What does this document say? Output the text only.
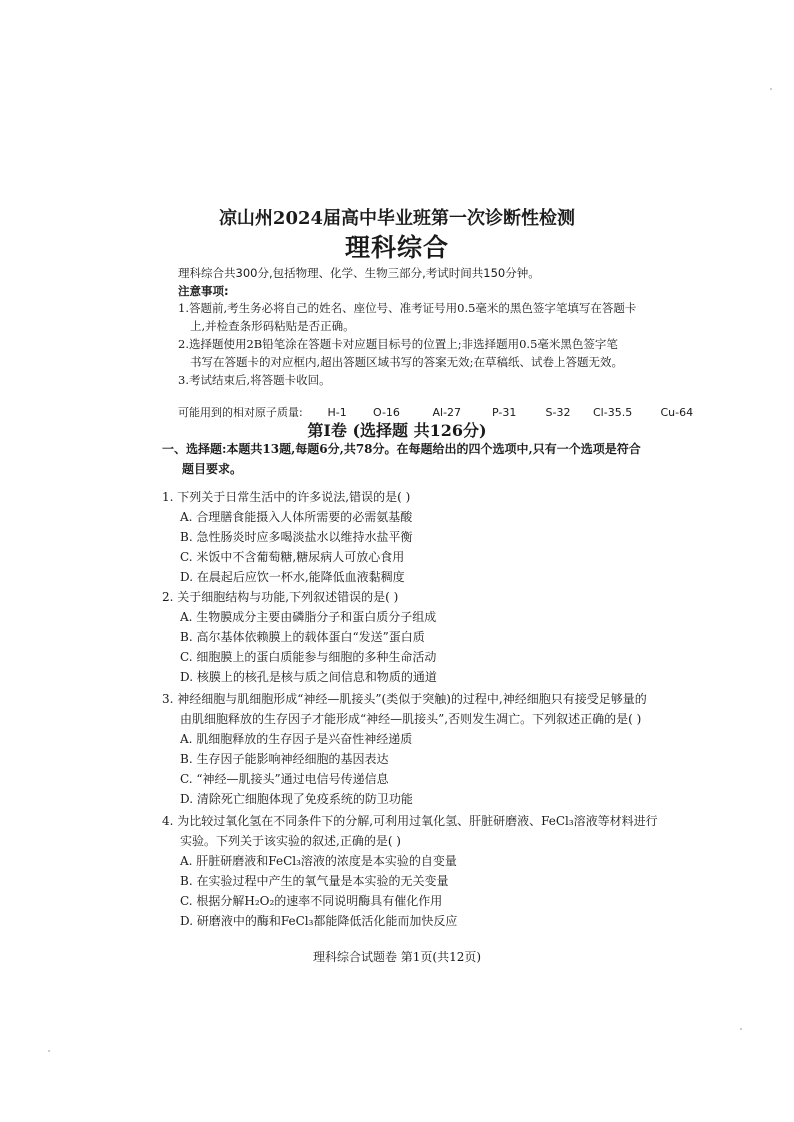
凉山州2024届高中毕业班第一次诊断性检测
理科综合
理科综合共300分,包括物理、化学、生物三部分,考试时间共150分钟。
注意事项:
1.答题前,考生务必将自己的姓名、座位号、准考证号用0.5毫米的黑色签字笔填写在答题卡
上,并检查条形码粘贴是否正确。
2.选择题使用2B铅笔涂在答题卡对应题目标号的位置上;非选择题用0.5毫米黑色签字笔
书写在答题卡的对应框内,超出答题区域书写的答案无效;在草稿纸、试卷上答题无效。
3.考试结束后,将答题卡收回。
可能用到的相对原子质量: H-1 O-16	Al-27	P-31	S-32 Cl-35.5	Cu-64
第Ⅰ卷 (选择题 共126分)
一、选择题:本题共13题,每题6分,共78分。在每题给出的四个选项中,只有一个选项是符合
题目要求。
1. 下列关于日常生活中的许多说法,错误的是( )
A. 合理膳食能摄入人体所需要的必需氨基酸
B. 急性肠炎时应多喝淡盐水以维持水盐平衡
C. 米饭中不含葡萄糖,糖尿病人可放心食用
D. 在晨起后应饮一杯水,能降低血液黏稠度
2. 关于细胞结构与功能,下列叙述错误的是( )
A. 生物膜成分主要由磷脂分子和蛋白质分子组成
B. 高尔基体依赖膜上的载体蛋白“发送”蛋白质
C. 细胞膜上的蛋白质能参与细胞的多种生命活动
D. 核膜上的核孔是核与质之间信息和物质的通道
3. 神经细胞与肌细胞形成“神经—肌接头”(类似于突触)的过程中,神经细胞只有接受足够量的
由肌细胞释放的生存因子才能形成“神经—肌接头”,否则发生凋亡。下列叙述正确的是( )
A. 肌细胞释放的生存因子是兴奋性神经递质
B. 生存因子能影响神经细胞的基因表达
C. “神经—肌接头”通过电信号传递信息
D. 清除死亡细胞体现了免疫系统的防卫功能
4. 为比较过氧化氢在不同条件下的分解,可利用过氧化氢、肝脏研磨液、FeCl₃溶液等材料进行
实验。下列关于该实验的叙述,正确的是( )
A. 肝脏研磨液和FeCl₃溶液的浓度是本实验的自变量
B. 在实验过程中产生的氧气量是本实验的无关变量
C. 根据分解H₂O₂的速率不同说明酶具有催化作用
D. 研磨液中的酶和FeCl₃都能降低活化能而加快反应
理科综合试题卷 第1页(共12页)
